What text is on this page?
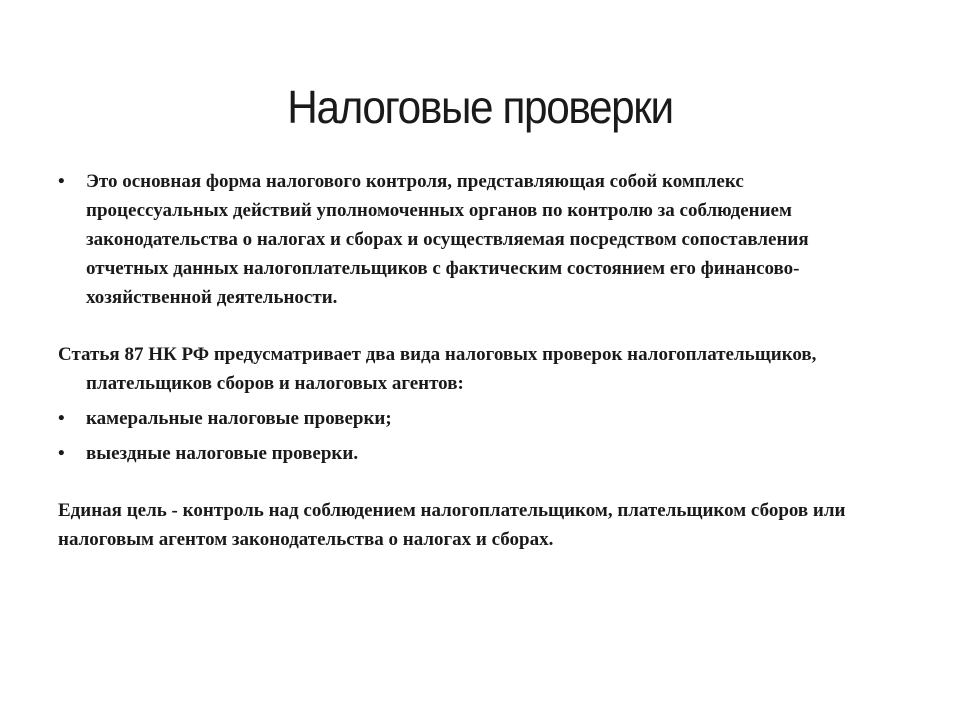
Налоговые проверки
•	Это основная форма налогового контроля, представляющая собой комплекс процессуальных действий уполномоченных органов по контролю за соблюдением законодательства о налогах и сборах и осуществляемая посредством сопоставления отчетных данных налогоплательщиков с фактическим состоянием его финансово-хозяйственной деятельности.
Статья 87 НК РФ предусматривает два вида налоговых проверок налогоплательщиков, плательщиков сборов и налоговых агентов:
•	камеральные налоговые проверки;
•	выездные налоговые проверки.
Единая цель - контроль над соблюдением налогоплательщиком, плательщиком сборов или налоговым агентом законодательства о налогах и сборах.
